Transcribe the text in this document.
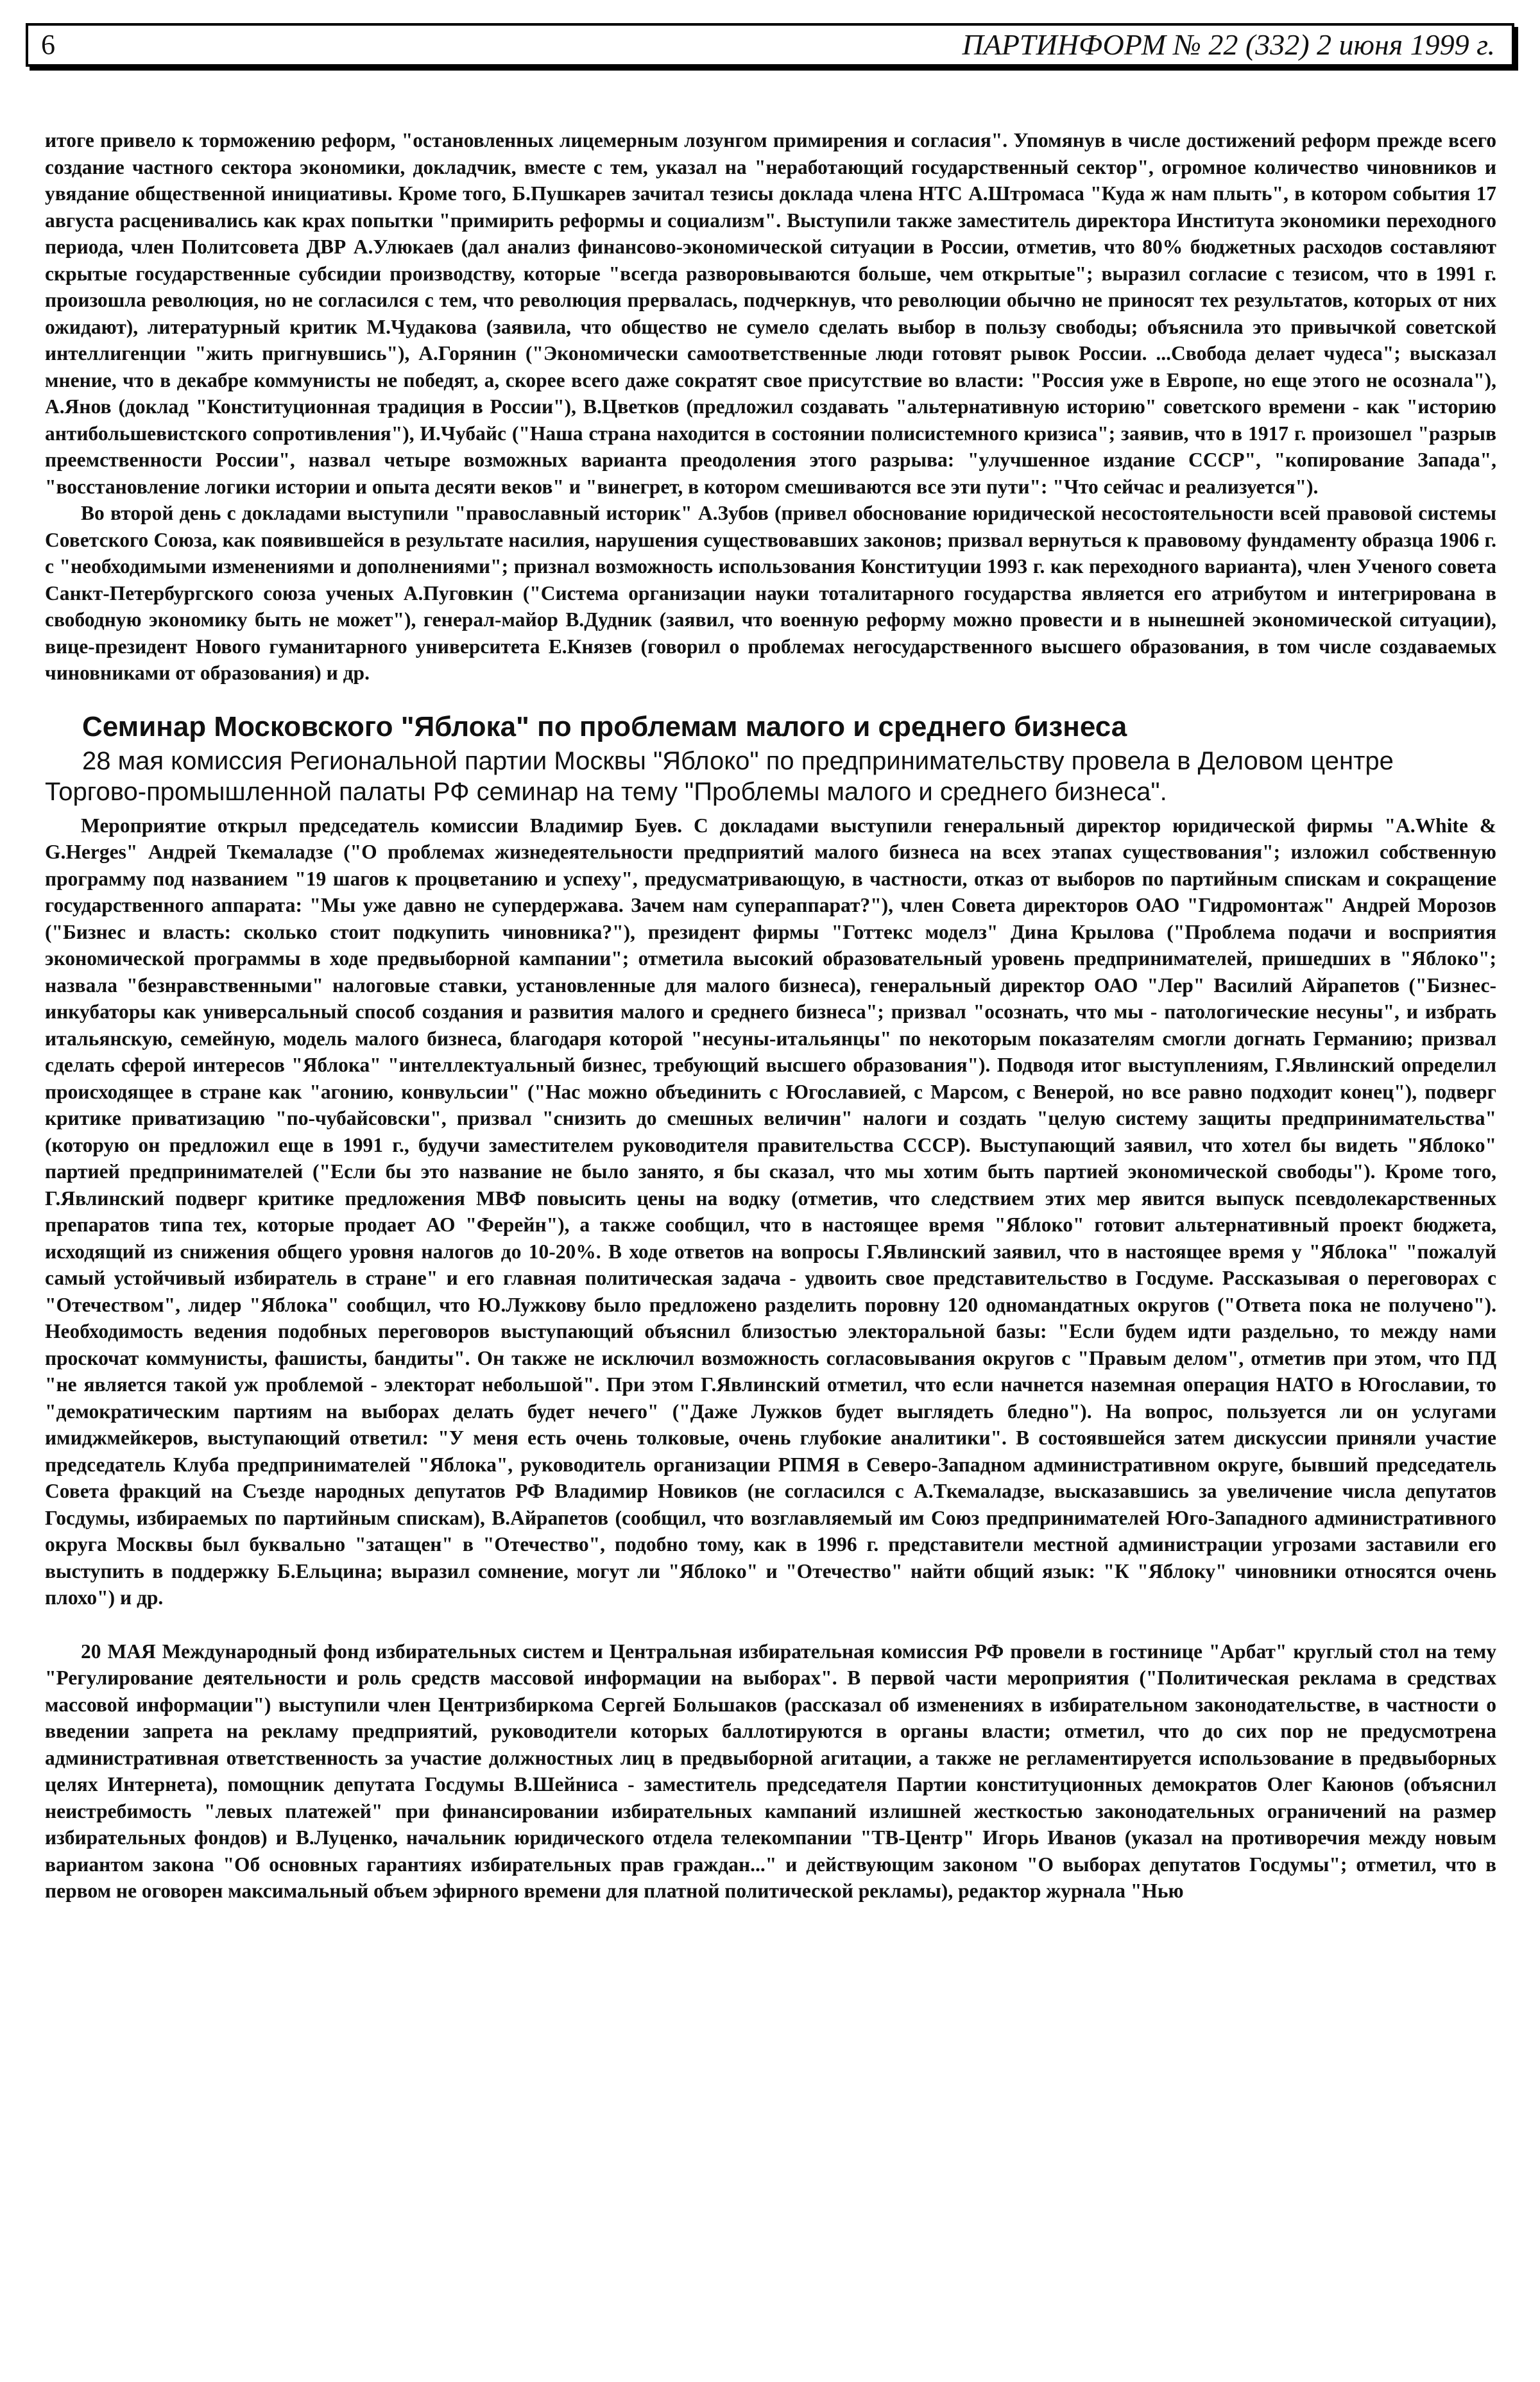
6	ПАРТИНФОРМ № 22 (332) 2 июня 1999 г.

итоге привело к торможению реформ, "остановленных лицемерным лозунгом примирения и согласия". Упомянув в числе достижений реформ прежде всего создание частного сектора экономики, докладчик, вместе с тем, указал на "неработающий государственный сектор", огромное количество чиновников и увядание общественной инициативы. Кроме того, Б.Пушкарев зачитал тезисы доклада члена НТС А.Штромаса "Куда ж нам плыть", в котором события 17 августа расценивались как крах попытки "примирить реформы и социализм". Выступили также заместитель директора Института экономики переходного периода, член Политсовета ДВР А.Улюкаев (дал анализ финансово-экономической ситуации в России, отметив, что 80% бюджетных расходов составляют скрытые государственные субсидии производству, которые "всегда разворовываются больше, чем открытые"; выразил согласие с тезисом, что в 1991 г. произошла революция, но не согласился с тем, что революция прервалась, подчеркнув, что революции обычно не приносят тех результатов, которых от них ожидают), литературный критик М.Чудакова (заявила, что общество не сумело сделать выбор в пользу свободы; объяснила это привычкой советской интеллигенции "жить пригнувшись"), А.Горянин ("Экономически самоответственные люди готовят рывок России. ...Свобода делает чудеса"; высказал мнение, что в декабре коммунисты не победят, а, скорее всего даже сократят свое присутствие во власти: "Россия уже в Европе, но еще этого не осознала"), А.Янов (доклад "Конституционная традиция в России"), В.Цветков (предложил создавать "альтернативную историю" советского времени - как "историю антибольшевистского сопротивления"), И.Чубайс ("Наша страна находится в состоянии полисистемного кризиса"; заявив, что в 1917 г. произошел "разрыв преемственности России", назвал четыре возможных варианта преодоления этого разрыва: "улучшенное издание СССР", "копирование Запада", "восстановление логики истории и опыта десяти веков" и "винегрет, в котором смешиваются все эти пути": "Что сейчас и реализуется").

Во второй день с докладами выступили "православный историк" А.Зубов (привел обоснование юридической несостоятельности всей правовой системы Советского Союза, как появившейся в результате насилия, нарушения существовавших законов; призвал вернуться к правовому фундаменту образца 1906 г. с "необходимыми изменениями и дополнениями"; признал возможность использования Конституции 1993 г. как переходного варианта), член Ученого совета Санкт-Петербургского союза ученых А.Пуговкин ("Система организации науки тоталитарного государства является его атрибутом и интегрирована в свободную экономику быть не может"), генерал-майор В.Дудник (заявил, что военную реформу можно провести и в нынешней экономической ситуации), вице-президент Нового гуманитарного университета Е.Князев (говорил о проблемах негосударственного высшего образования, в том числе создаваемых чиновниками от образования) и др.

Семинар Московского "Яблока" по проблемам малого и среднего бизнеса

28 мая комиссия Региональной партии Москвы "Яблоко" по предпринимательству провела в Деловом центре Торгово-промышленной палаты РФ семинар на тему "Проблемы малого и среднего бизнеса".

Мероприятие открыл председатель комиссии Владимир Буев. С докладами выступили генеральный директор юридической фирмы "A.White & G.Herges" Андрей Ткемаладзе ("О проблемах жизнедеятельности предприятий малого бизнеса на всех этапах существования"; изложил собственную программу под названием "19 шагов к процветанию и успеху", предусматривающую, в частности, отказ от выборов по партийным спискам и сокращение государственного аппарата: "Мы уже давно не супердержава. Зачем нам суперaппарат?"), член Совета директоров ОАО "Гидромонтаж" Андрей Морозов ("Бизнес и власть: сколько стоит подкупить чиновника?"), президент фирмы "Готтекс моделз" Дина Крылова ("Проблема подачи и восприятия экономической программы в ходе предвыборной кампании"; отметила высокий образовательный уровень предпринимателей, пришедших в "Яблоко"; назвала "безнравственными" налоговые ставки, установленные для малого бизнеса), генеральный директор ОАО "Лер" Василий Айрапетов ("Бизнес-инкубаторы как универсальный способ создания и развития малого и среднего бизнеса"; призвал "осознать, что мы - патологические несуны", и избрать итальянскую, семейную, модель малого бизнеса, благодаря которой "несуны-итальянцы" по некоторым показателям смогли догнать Германию; призвал сделать сферой интересов "Яблока" "интеллектуальный бизнес, требующий высшего образования"). Подводя итог выступлениям, Г.Явлинский определил происходящее в стране как "агонию, конвульсии" ("Нас можно объединить с Югославией, с Марсом, с Венерой, но все равно подходит конец"), подверг критике приватизацию "по-чубайсовски", призвал "снизить до смешных величин" налоги и создать "целую систему защиты предпринимательства" (которую он предложил еще в 1991 г., будучи заместителем руководителя правительства СССР). Выступающий заявил, что хотел бы видеть "Яблоко" партией предпринимателей ("Если бы это название не было занято, я бы сказал, что мы хотим быть партией экономической свободы"). Кроме того, Г.Явлинский подверг критике предложения МВФ повысить цены на водку (отметив, что следствием этих мер явится выпуск псевдолекарственных препаратов типа тех, которые продает АО "Ферейн"), а также сообщил, что в настоящее время "Яблоко" готовит альтернативный проект бюджета, исходящий из снижения общего уровня налогов до 10-20%. В ходе ответов на вопросы Г.Явлинский заявил, что в настоящее время у "Яблока" "пожалуй самый устойчивый избиратель в стране" и его главная политическая задача - удвоить свое представительство в Госдуме. Рассказывая о переговорах с "Отечеством", лидер "Яблока" сообщил, что Ю.Лужкову было предложено разделить поровну 120 одномандатных округов ("Ответа пока не получено"). Необходимость ведения подобных переговоров выступающий объяснил близостью электоральной базы: "Если будем идти раздельно, то между нами проскочат коммунисты, фашисты, бандиты". Он также не исключил возможность согласовывания округов с "Правым делом", отметив при этом, что ПД "не является такой уж проблемой - электорат небольшой". При этом Г.Явлинский отметил, что если начнется наземная операция НАТО в Югославии, то "демократическим партиям на выборах делать будет нечего" ("Даже Лужков будет выглядеть бледно"). На вопрос, пользуется ли он услугами имиджмейкеров, выступающий ответил: "У меня есть очень толковые, очень глубокие аналитики". В состоявшейся затем дискуссии приняли участие председатель Клуба предпринимателей "Яблока", руководитель организации РПМЯ в Северо-Западном административном округе, бывший председатель Совета фракций на Съезде народных депутатов РФ Владимир Новиков (не согласился с А.Ткемаладзе, высказавшись за увеличение числа депутатов Госдумы, избираемых по партийным спискам), В.Айрапетов (сообщил, что возглавляемый им Союз предпринимателей Юго-Западного административного округа Москвы был буквально "затащен" в "Отечество", подобно тому, как в 1996 г. представители местной администрации угрозами заставили его выступить в поддержку Б.Ельцина; выразил сомнение, могут ли "Яблоко" и "Отечество" найти общий язык: "К "Яблоку" чиновники относятся очень плохо") и др.

20 МАЯ Международный фонд избирательных систем и Центральная избирательная комиссия РФ провели в гостинице "Арбат" круглый стол на тему "Регулирование деятельности и роль средств массовой информации на выборах". В первой части мероприятия ("Политическая реклама в средствах массовой информации") выступили член Центризбиркома Сергей Большаков (рассказал об изменениях в избирательном законодательстве, в частности о введении запрета на рекламу предприятий, руководители которых баллотируются в органы власти; отметил, что до сих пор не предусмотрена административная ответственность за участие должностных лиц в предвыборной агитации, а также не регламентируется использование в предвыборных целях Интернета), помощник депутата Госдумы В.Шейниса - заместитель председателя Партии конституционных демократов Олег Каюнов (объяснил неистребимость "левых платежей" при финансировании избирательных кампаний излишней жесткостью законодательных ограничений на размер избирательных фондов) и В.Луценко, начальник юридического отдела телекомпании "ТВ-Центр" Игорь Иванов (указал на противоречия между новым вариантом закона "Об основных гарантиях избирательных прав граждан..." и действующим законом "О выборах депутатов Госдумы"; отметил, что в первом не оговорен максимальный объем эфирного времени для платной политической рекламы), редактор журнала "Нью
